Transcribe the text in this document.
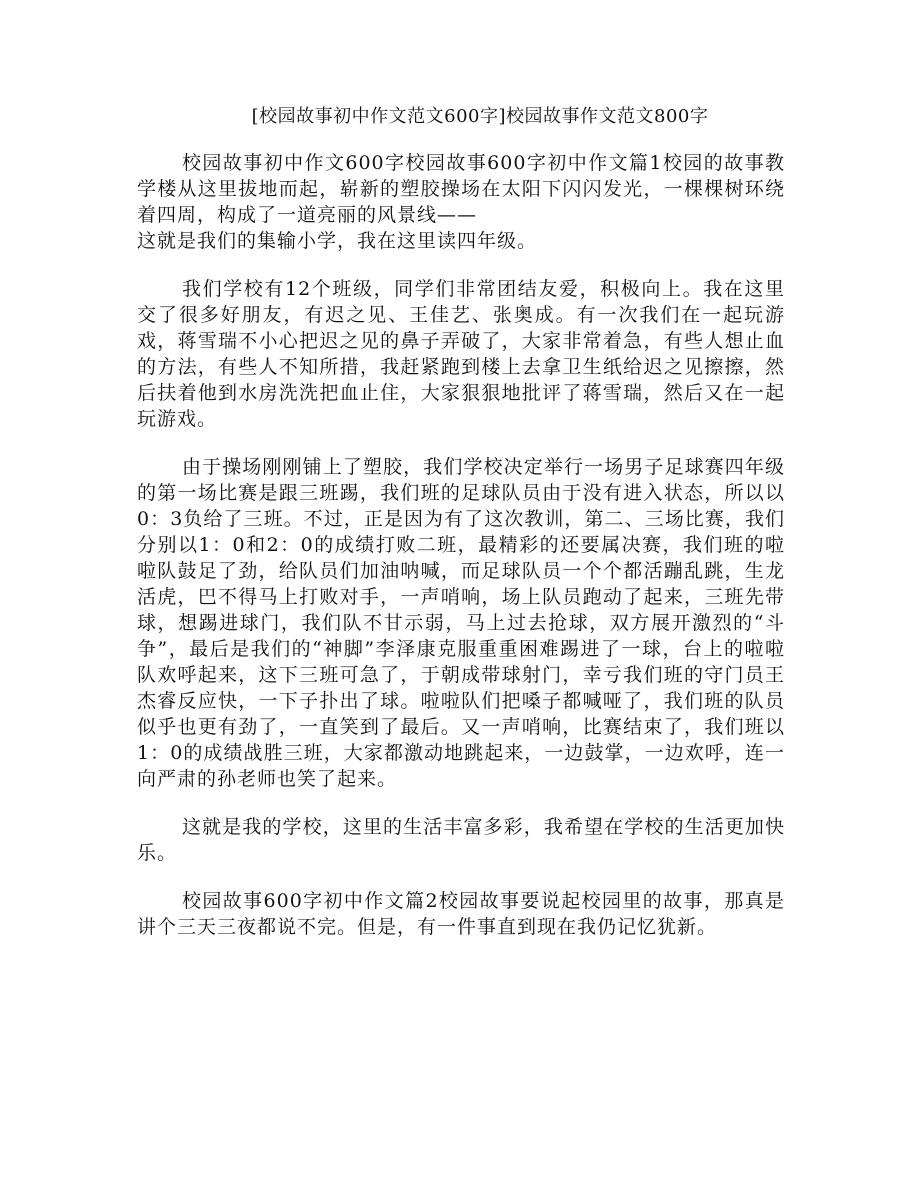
[校园故事初中作文范文600字]校园故事作文范文800字

校园故事初中作文600字校园故事600字初中作文篇1校园的故事教学楼从这里拔地而起，崭新的塑胶操场在太阳下闪闪发光，一棵棵树环绕着四周，构成了一道亮丽的风景线——
这就是我们的集输小学，我在这里读四年级。

我们学校有12个班级，同学们非常团结友爱，积极向上。我在这里交了很多好朋友，有迟之见、王佳艺、张奥成。有一次我们在一起玩游戏，蒋雪瑞不小心把迟之见的鼻子弄破了，大家非常着急，有些人想止血的方法，有些人不知所措，我赶紧跑到楼上去拿卫生纸给迟之见擦擦，然后扶着他到水房洗洗把血止住，大家狠狠地批评了蒋雪瑞，然后又在一起玩游戏。

由于操场刚刚铺上了塑胶，我们学校决定举行一场男子足球赛四年级的第一场比赛是跟三班踢，我们班的足球队员由于没有进入状态，所以以0：3负给了三班。不过，正是因为有了这次教训，第二、三场比赛，我们分别以1：0和2：0的成绩打败二班，最精彩的还要属决赛，我们班的啦啦队鼓足了劲，给队员们加油呐喊，而足球队员一个个都活蹦乱跳，生龙活虎，巴不得马上打败对手，一声哨响，场上队员跑动了起来，三班先带球，想踢进球门，我们队不甘示弱，马上过去抢球，双方展开激烈的“斗争”，最后是我们的“神脚”李泽康克服重重困难踢进了一球，台上的啦啦队欢呼起来，这下三班可急了，于朝成带球射门，幸亏我们班的守门员王杰睿反应快，一下子扑出了球。啦啦队们把嗓子都喊哑了，我们班的队员似乎也更有劲了，一直笑到了最后。又一声哨响，比赛结束了，我们班以1：0的成绩战胜三班，大家都激动地跳起来，一边鼓掌，一边欢呼，连一向严肃的孙老师也笑了起来。

这就是我的学校，这里的生活丰富多彩，我希望在学校的生活更加快乐。

校园故事600字初中作文篇2校园故事要说起校园里的故事，那真是讲个三天三夜都说不完。但是，有一件事直到现在我仍记忆犹新。
